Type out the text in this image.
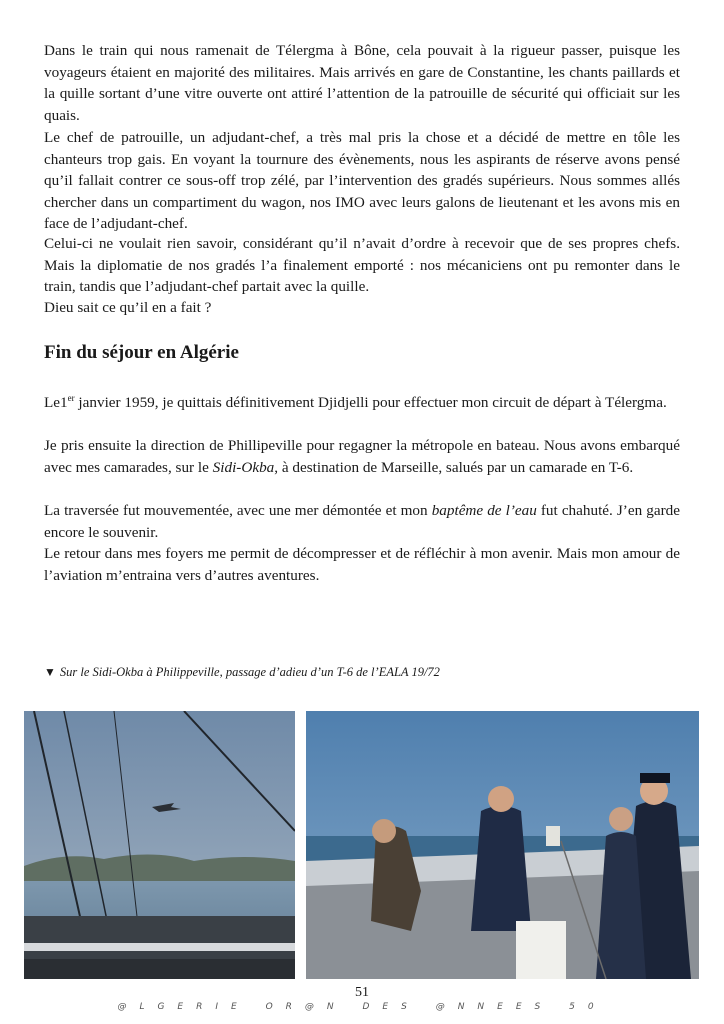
Dans le train qui nous ramenait de Télergma à Bône, cela pouvait à la rigueur passer, puisque les voyageurs étaient en majorité des militaires. Mais arrivés en gare de Constantine, les chants paillards et la quille sortant d’une vitre ouverte ont attiré l’attention de la patrouille de sécurité qui officiait sur les quais.

Le chef de patrouille, un adjudant-chef, a très mal pris la chose et a décidé de mettre en tôle les chanteurs trop gais. En voyant la tournure des évènements, nous les aspirants de réserve avons pensé qu’il fallait contrer ce sous-off trop zélé, par l’intervention des gradés supérieurs. Nous sommes allés chercher dans un compartiment du wagon, nos IMO avec leurs galons de lieutenant et les avons mis en face de l’adjudant-chef.

Celui-ci ne voulait rien savoir, considérant qu’il n’avait d’ordre à recevoir que de ses propres chefs. Mais la diplomatie de nos gradés l’a finalement emporté : nos mécaniciens ont pu remonter dans le train, tandis que l’adjudant-chef partait avec la quille.

Dieu sait ce qu’il en a fait ?

Fin du séjour en Algérie

Le1er janvier 1959, je quittais définitivement Djidjelli pour effectuer mon circuit de départ à Télergma.

Je pris ensuite la direction de Phillipeville pour regagner la métropole en bateau. Nous avons embarqué avec mes camarades, sur le Sidi-Okba, à destination de Marseille, salués par un camarade en T-6.

La traversée fut mouvementée, avec une mer démontée et mon baptême de l’eau fut chahuté. J’en garde encore le souvenir.

Le retour dans mes foyers me permit de décompresser et de réfléchir à mon avenir. Mais mon amour de l’aviation m’entraina vers d’autres aventures.

▼ Sur le Sidi-Okba à Philippeville, passage d’adieu d’un T-6 de l’EALA 19/72
51
@LGERIE OR@N DES @NNEES 50
